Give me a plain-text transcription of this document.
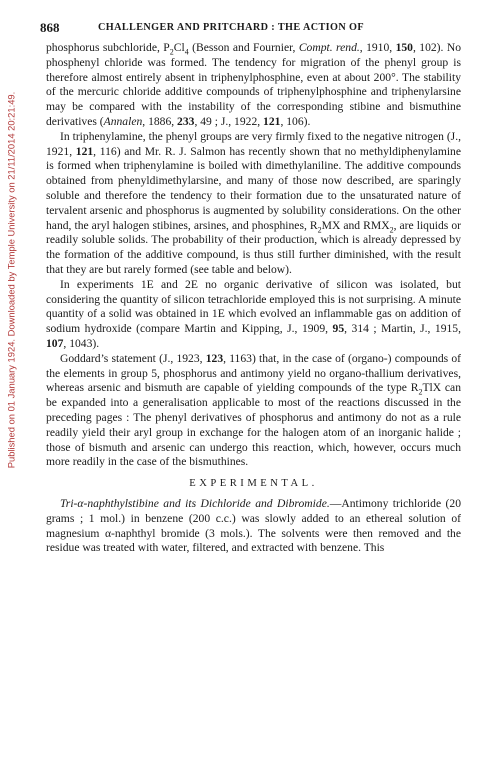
Published on 01 January 1924. Downloaded by Temple University on 21/11/2014 20:21:49.
868	CHALLENGER AND PRITCHARD : THE ACTION OF

phosphorus subchloride, $P_2Cl_4$ (Besson and Fournier, Compt. rend., 1910, 150, 102). No phosphenyl chloride was formed. The tendency for migration of the phenyl group is therefore almost entirely absent in triphenylphosphine, even at about 200°. The stability of the mercuric chloride additive compounds of triphenylphosphine and triphenylarsine may be compared with the instability of the corresponding stibine and bismuthine derivatives (Annalen, 1886, 233, 49 ; J., 1922, 121, 106).

In triphenylamine, the phenyl groups are very firmly fixed to the negative nitrogen (J., 1921, 121, 116) and Mr. R. J. Salmon has recently shown that no methyldiphenylamine is formed when triphenylamine is boiled with dimethylaniline. The additive compounds obtained from phenyldimethylarsine, and many of those now described, are sparingly soluble and therefore the tendency to their formation due to the unsaturated nature of tervalent arsenic and phosphorus is augmented by solubility considerations. On the other hand, the aryl halogen stibines, arsines, and phosphines, $R_2MX$ and $RMX_2$, are liquids or readily soluble solids. The probability of their production, which is already depressed by the formation of the additive compound, is thus still further diminished, with the result that they are but rarely formed (see table and below).

In experiments 1E and 2E no organic derivative of silicon was isolated, but considering the quantity of silicon tetrachloride employed this is not surprising. A minute quantity of a solid was obtained in 1E which evolved an inflammable gas on addition of sodium hydroxide (compare Martin and Kipping, J., 1909, 95, 314 ; Martin, J., 1915, 107, 1043).

Goddard’s statement (J., 1923, 123, 1163) that, in the case of (organo-) compounds of the elements in group 5, phosphorus and antimony yield no organo-thallium derivatives, whereas arsenic and bismuth are capable of yielding compounds of the type $R_2TlX$ can be expanded into a generalisation applicable to most of the reactions discussed in the preceding pages : The phenyl derivatives of phosphorus and antimony do not as a rule readily yield their aryl group in exchange for the halogen atom of an inorganic halide ; those of bismuth and arsenic can undergo this reaction, which, however, occurs much more readily in the case of the bismuthines.

EXPERIMENTAL.

Tri-α-naphthylstibine and its Dichloride and Dibromide.—Antimony trichloride (20 grams ; 1 mol.) in benzene (200 c.c.) was slowly added to an ethereal solution of magnesium α-naphthyl bromide (3 mols.). The solvents were then removed and the residue was treated with water, filtered, and extracted with benzene. This
